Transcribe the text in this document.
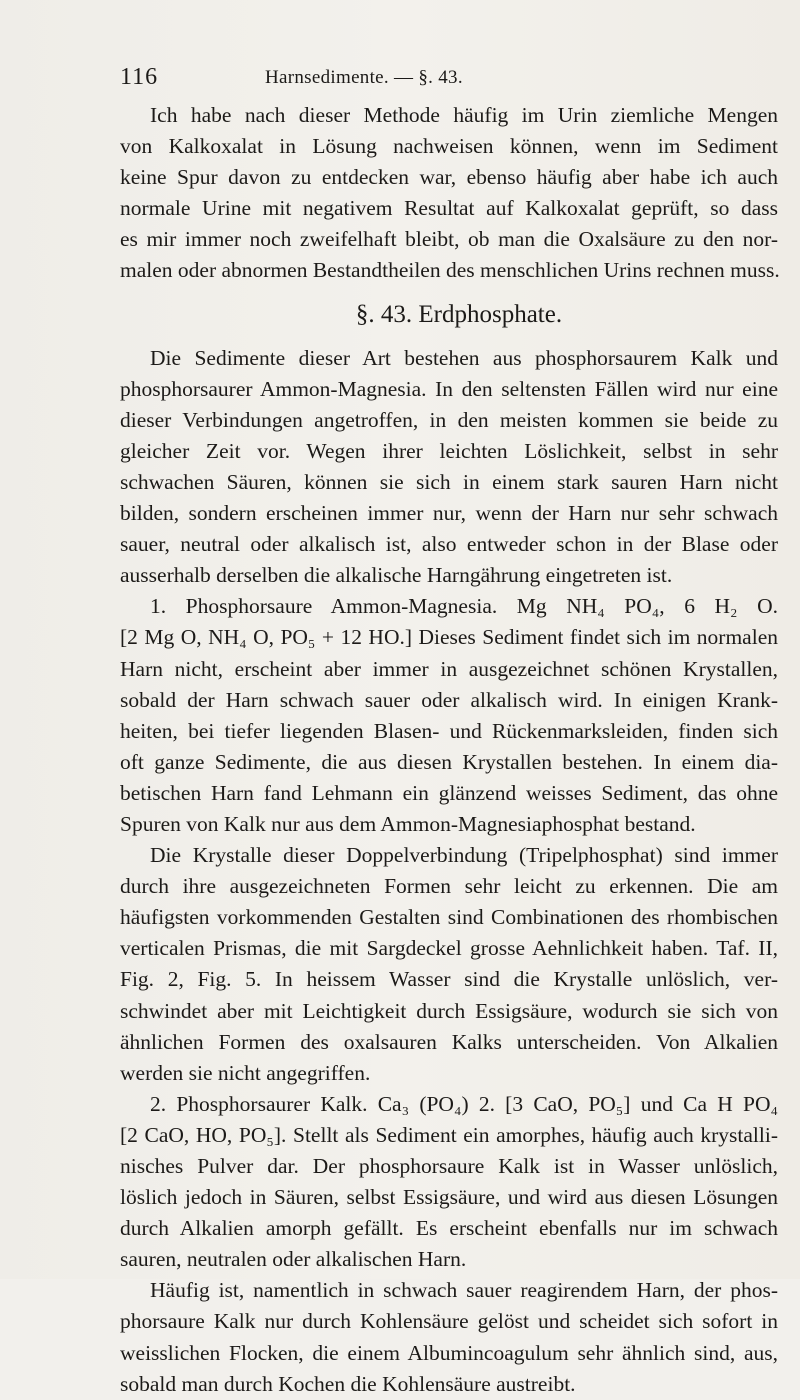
116	Harnsedimente. — §. 43.
Ich habe nach dieser Methode häufig im Urin ziemliche Mengen
von Kalkoxalat in Lösung nachweisen können, wenn im Sediment
keine Spur davon zu entdecken war, ebenso häufig aber habe ich auch
normale Urine mit negativem Resultat auf Kalkoxalat geprüft, so dass
es mir immer noch zweifelhaft bleibt, ob man die Oxalsäure zu den nor-
malen oder abnormen Bestandtheilen des menschlichen Urins rechnen muss.
§. 43. Erdphosphate.
Die Sedimente dieser Art bestehen aus phosphorsaurem Kalk und
phosphorsaurer Ammon-Magnesia. In den seltensten Fällen wird nur eine
dieser Verbindungen angetroffen, in den meisten kommen sie beide zu
gleicher Zeit vor. Wegen ihrer leichten Löslichkeit, selbst in sehr
schwachen Säuren, können sie sich in einem stark sauren Harn nicht
bilden, sondern erscheinen immer nur, wenn der Harn nur sehr schwach
sauer, neutral oder alkalisch ist, also entweder schon in der Blase oder
ausserhalb derselben die alkalische Harngährung eingetreten ist.
1. Phosphorsaure Ammon-Magnesia. Mg NH₄ PO₄, 6 H₂ O.
[2 Mg O, NH₄ O, PO₅ + 12 HO.] Dieses Sediment findet sich im normalen
Harn nicht, erscheint aber immer in ausgezeichnet schönen Krystallen,
sobald der Harn schwach sauer oder alkalisch wird. In einigen Krank-
heiten, bei tiefer liegenden Blasen- und Rückenmarksleiden, finden sich
oft ganze Sedimente, die aus diesen Krystallen bestehen. In einem dia-
betischen Harn fand Lehmann ein glänzend weisses Sediment, das ohne
Spuren von Kalk nur aus dem Ammon-Magnesiaphosphat bestand.
Die Krystalle dieser Doppelverbindung (Tripelphosphat) sind immer
durch ihre ausgezeichneten Formen sehr leicht zu erkennen. Die am
häufigsten vorkommenden Gestalten sind Combinationen des rhombischen
verticalen Prismas, die mit Sargdeckel grosse Aehnlichkeit haben. Taf. II,
Fig. 2, Fig. 5. In heissem Wasser sind die Krystalle unlöslich, ver-
schwindet aber mit Leichtigkeit durch Essigsäure, wodurch sie sich von
ähnlichen Formen des oxalsauren Kalks unterscheiden. Von Alkalien
werden sie nicht angegriffen.
2. Phosphorsaurer Kalk. Ca₃ (PO₄) 2. [3 CaO, PO₅] und Ca H PO₄
[2 CaO, HO, PO₅]. Stellt als Sediment ein amorphes, häufig auch krystalli-
nisches Pulver dar. Der phosphorsaure Kalk ist in Wasser unlöslich,
löslich jedoch in Säuren, selbst Essigsäure, und wird aus diesen Lösungen
durch Alkalien amorph gefällt. Es erscheint ebenfalls nur im schwach
sauren, neutralen oder alkalischen Harn.
Häufig ist, namentlich in schwach sauer reagirendem Harn, der phos-
phorsaure Kalk nur durch Kohlensäure gelöst und scheidet sich sofort in
weisslichen Flocken, die einem Albumincoagulum sehr ähnlich sind, aus,
sobald man durch Kochen die Kohlensäure austreibt.
